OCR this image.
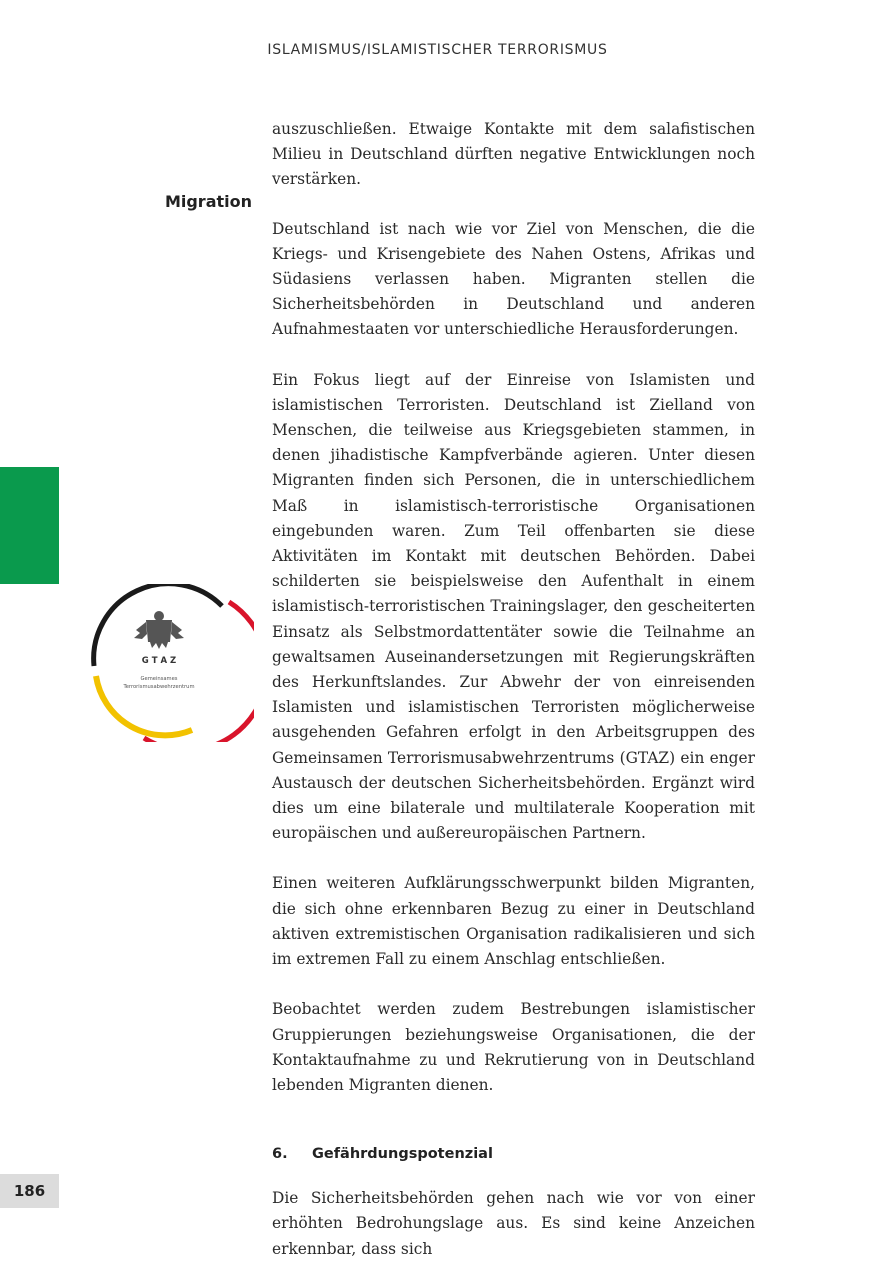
ISLAMISMUS/ISLAMISTISCHER TERRORISMUS
Migration
G T A Z
Gemeinsames
Terrorismusabwehrzentrum

auszuschließen. Etwaige Kontakte mit dem salafistischen Milieu in Deutschland dürften negative Entwicklungen noch verstärken.

Deutschland ist nach wie vor Ziel von Menschen, die die Kriegs- und Krisengebiete des Nahen Ostens, Afrikas und Südasiens verlassen haben. Migranten stellen die Sicherheitsbehörden in Deutschland und anderen Aufnahmestaaten vor unterschiedliche Herausforderungen.

Ein Fokus liegt auf der Einreise von Islamisten und islamistischen Terroristen. Deutschland ist Zielland von Menschen, die teilweise aus Kriegsgebieten stammen, in denen jihadistische Kampfverbände agieren. Unter diesen Migranten finden sich Personen, die in unterschiedlichem Maß in islamistisch-terroristische Organisationen eingebunden waren. Zum Teil offenbarten sie diese Aktivitäten im Kontakt mit deutschen Behörden. Dabei schilderten sie beispielsweise den Aufenthalt in einem islamistisch-terroristischen Trainingslager, den gescheiterten Einsatz als Selbstmordattentäter sowie die Teilnahme an gewaltsamen Auseinandersetzungen mit Regierungskräften des Herkunftslandes. Zur Abwehr der von einreisenden Islamisten und islamistischen Terroristen möglicherweise ausgehenden Gefahren erfolgt in den Arbeitsgruppen des Gemeinsamen Terrorismusabwehrzentrums (GTAZ) ein enger Austausch der deutschen Sicherheitsbehörden. Ergänzt wird dies um eine bilaterale und multilaterale Kooperation mit europäischen und außereuropäischen Partnern.

Einen weiteren Aufklärungsschwerpunkt bilden Migranten, die sich ohne erkennbaren Bezug zu einer in Deutschland aktiven extremistischen Organisation radikalisieren und sich im extremen Fall zu einem Anschlag entschließen.

Beobachtet werden zudem Bestrebungen islamistischer Gruppierungen beziehungsweise Organisationen, die der Kontaktaufnahme zu und Rekrutierung von in Deutschland lebenden Migranten dienen.

6. Gefährdungspotenzial

Die Sicherheitsbehörden gehen nach wie vor von einer erhöhten Bedrohungslage aus. Es sind keine Anzeichen erkennbar, dass sich

186
